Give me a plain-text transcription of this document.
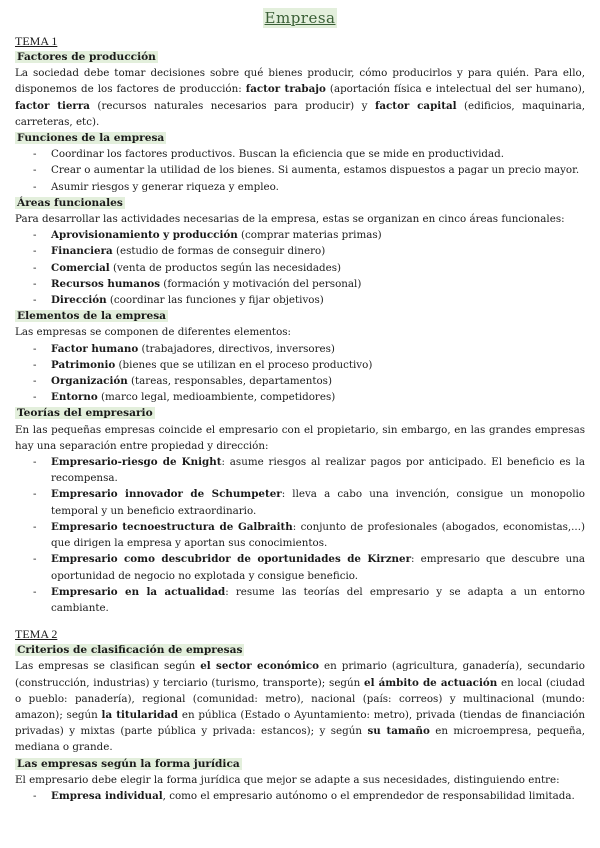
Empresa
TEMA 1
Factores de producción

La sociedad debe tomar decisiones sobre qué bienes producir, cómo producirlos y para quién. Para ello, disponemos de los factores de producción: factor trabajo (aportación física e intelectual del ser humano), factor tierra (recursos naturales necesarios para producir) y factor capital (edificios, maquinaria, carreteras, etc).

Funciones de la empresa
- Coordinar los factores productivos. Buscan la eficiencia que se mide en productividad.
- Crear o aumentar la utilidad de los bienes. Si aumenta, estamos dispuestos a pagar un precio mayor.
- Asumir riesgos y generar riqueza y empleo.
Áreas funcionales

Para desarrollar las actividades necesarias de la empresa, estas se organizan en cinco áreas funcionales:

- Aprovisionamiento y producción (comprar materias primas)
- Financiera (estudio de formas de conseguir dinero)
- Comercial (venta de productos según las necesidades)
- Recursos humanos (formación y motivación del personal)
- Dirección (coordinar las funciones y fijar objetivos)
Elementos de la empresa

Las empresas se componen de diferentes elementos:

- Factor humano (trabajadores, directivos, inversores)
- Patrimonio (bienes que se utilizan en el proceso productivo)
- Organización (tareas, responsables, departamentos)
- Entorno (marco legal, medioambiente, competidores)
Teorías del empresario

En las pequeñas empresas coincide el empresario con el propietario, sin embargo, en las grandes empresas hay una separación entre propiedad y dirección:

- Empresario-riesgo de Knight: asume riesgos al realizar pagos por anticipado. El beneficio es la recompensa.
- Empresario innovador de Schumpeter: lleva a cabo una invención, consigue un monopolio temporal y un beneficio extraordinario.
- Empresario tecnoestructura de Galbraith: conjunto de profesionales (abogados, economistas,...) que dirigen la empresa y aportan sus conocimientos.
- Empresario como descubridor de oportunidades de Kirzner: empresario que descubre una oportunidad de negocio no explotada y consigue beneficio.
- Empresario en la actualidad: resume las teorías del empresario y se adapta a un entorno cambiante.
TEMA 2
Criterios de clasificación de empresas

Las empresas se clasifican según el sector económico en primario (agricultura, ganadería), secundario (construcción, industrias) y terciario (turismo, transporte); según el ámbito de actuación en local (ciudad o pueblo: panadería), regional (comunidad: metro), nacional (país: correos) y multinacional (mundo: amazon); según la titularidad en pública (Estado o Ayuntamiento: metro), privada (tiendas de financiación privadas) y mixtas (parte pública y privada: estancos); y según su tamaño en microempresa, pequeña, mediana o grande.

Las empresas según la forma jurídica

El empresario debe elegir la forma jurídica que mejor se adapte a sus necesidades, distinguiendo entre:

- Empresa individual, como el empresario autónomo o el emprendedor de responsabilidad limitada.
